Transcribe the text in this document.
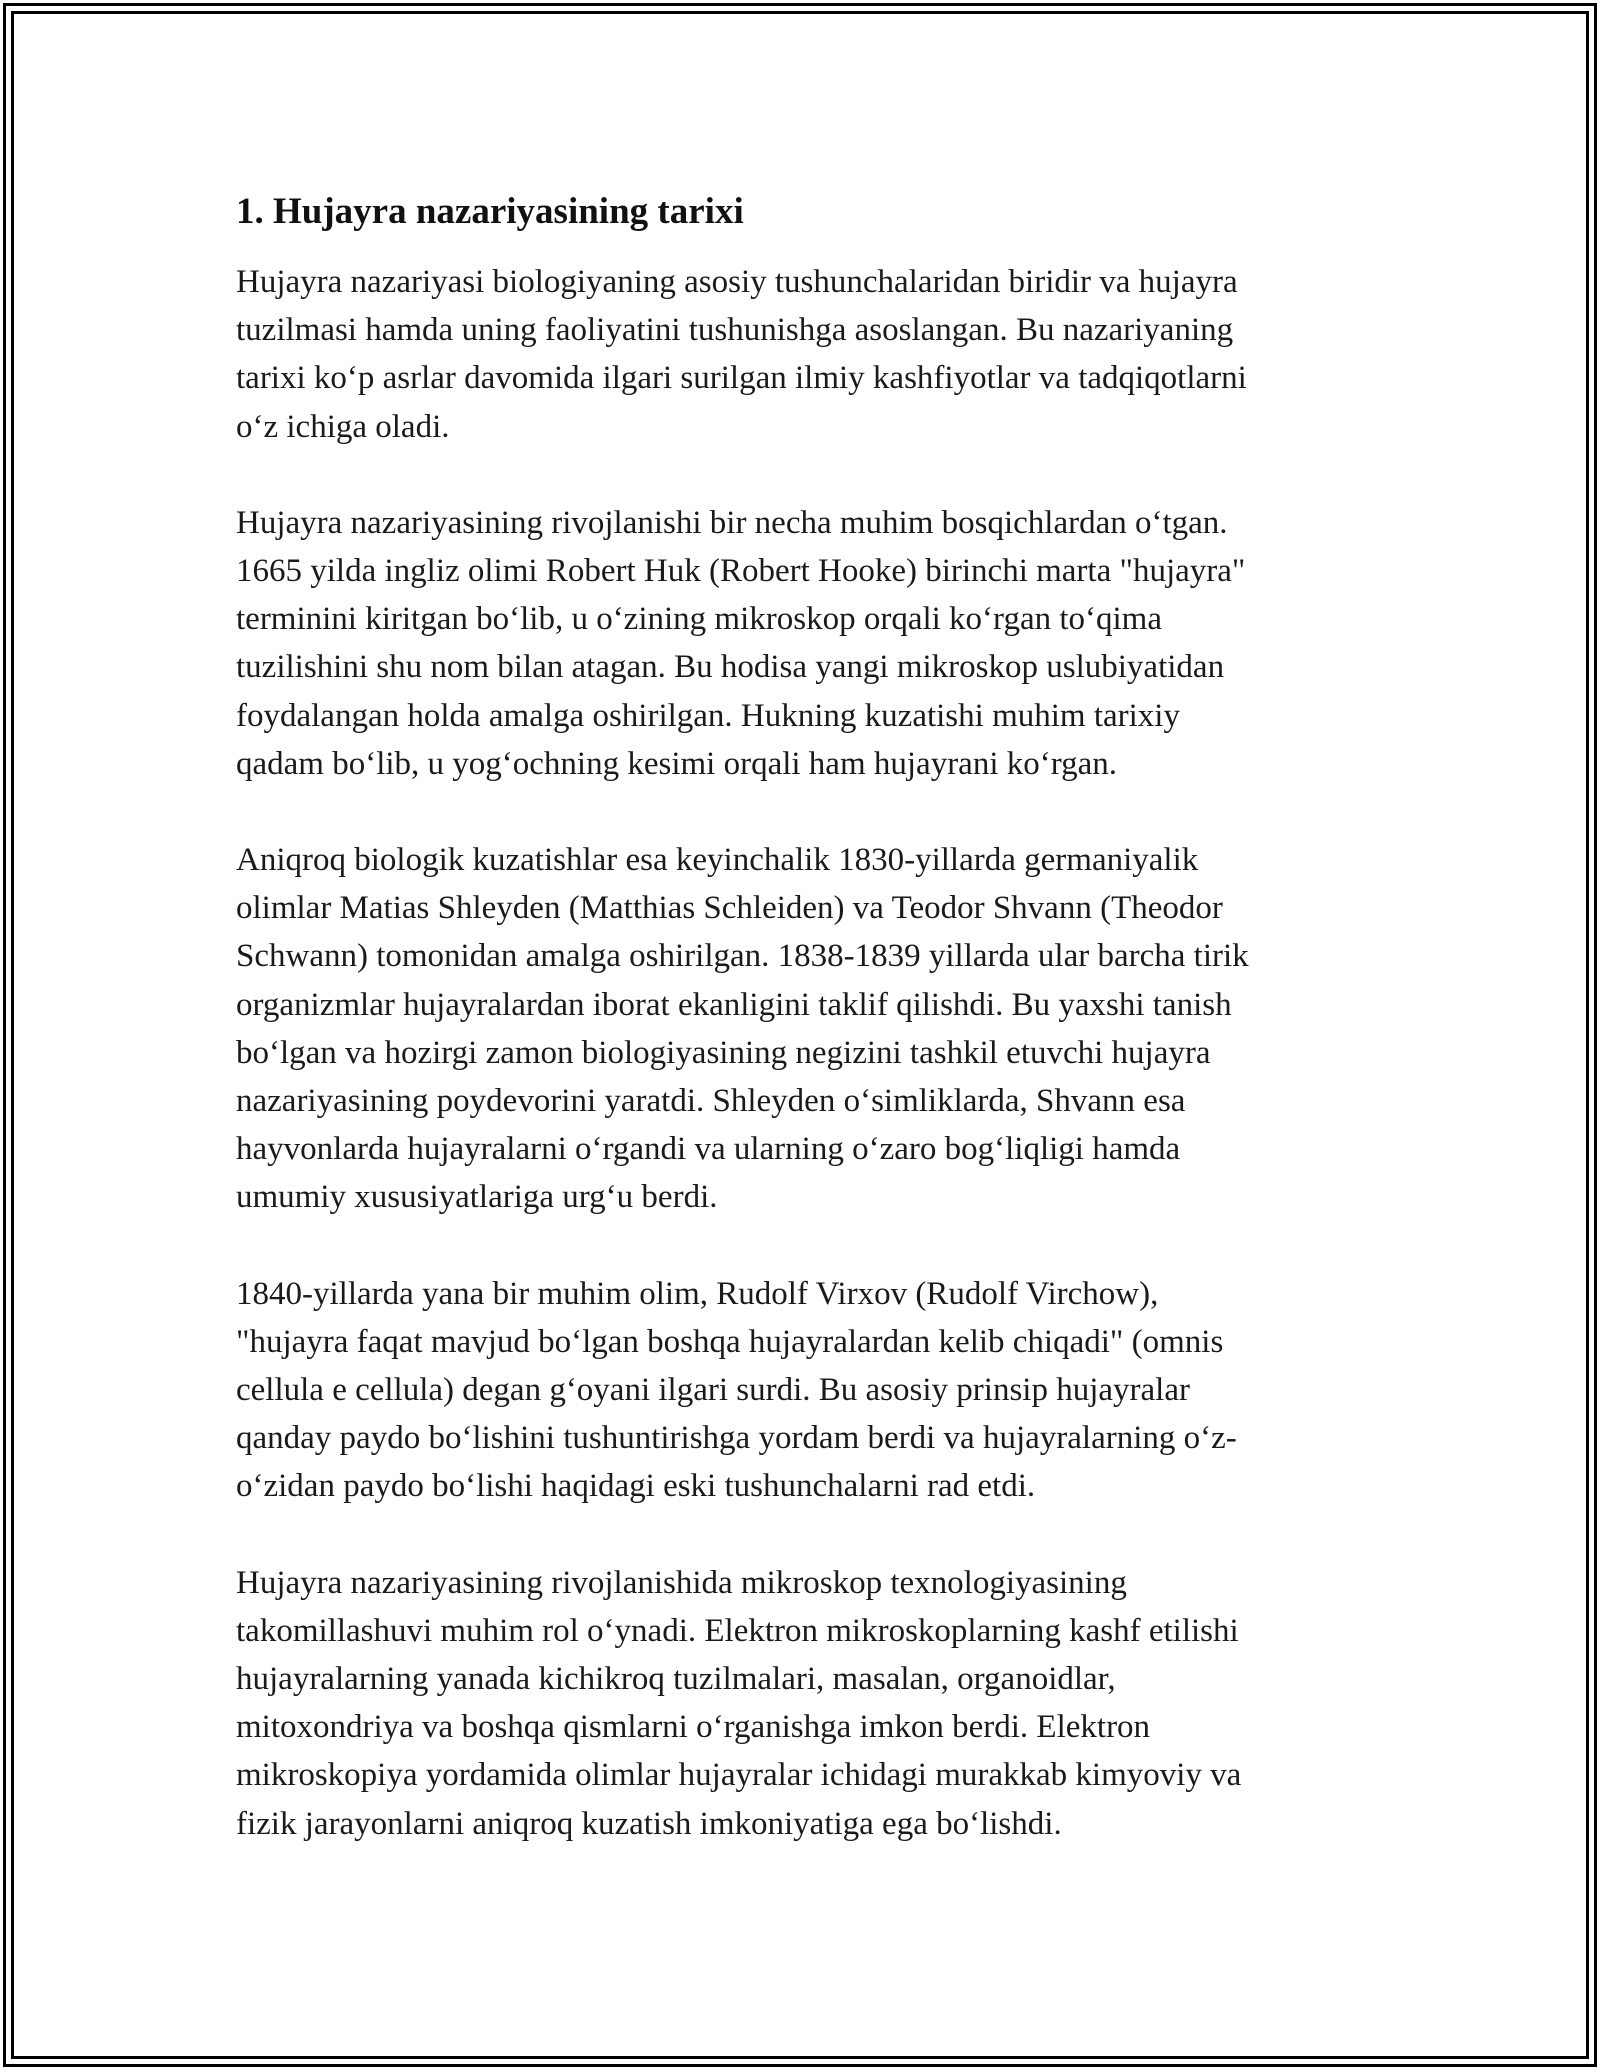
1. Hujayra nazariyasining tarixi

Hujayra nazariyasi biologiyaning asosiy tushunchalaridan biridir va hujayra
tuzilmasi hamda uning faoliyatini tushunishga asoslangan. Bu nazariyaning
tarixi ko‘p asrlar davomida ilgari surilgan ilmiy kashfiyotlar va tadqiqotlarni
o‘z ichiga oladi.

Hujayra nazariyasining rivojlanishi bir necha muhim bosqichlardan o‘tgan.
1665 yilda ingliz olimi Robert Huk (Robert Hooke) birinchi marta "hujayra"
terminini kiritgan bo‘lib, u o‘zining mikroskop orqali ko‘rgan to‘qima
tuzilishini shu nom bilan atagan. Bu hodisa yangi mikroskop uslubiyatidan
foydalangan holda amalga oshirilgan. Hukning kuzatishi muhim tarixiy
qadam bo‘lib, u yog‘ochning kesimi orqali ham hujayrani ko‘rgan.

Aniqroq biologik kuzatishlar esa keyinchalik 1830-yillarda germaniyalik
olimlar Matias Shleyden (Matthias Schleiden) va Teodor Shvann (Theodor
Schwann) tomonidan amalga oshirilgan. 1838-1839 yillarda ular barcha tirik
organizmlar hujayralardan iborat ekanligini taklif qilishdi. Bu yaxshi tanish
bo‘lgan va hozirgi zamon biologiyasining negizini tashkil etuvchi hujayra
nazariyasining poydevorini yaratdi. Shleyden o‘simliklarda, Shvann esa
hayvonlarda hujayralarni o‘rgandi va ularning o‘zaro bog‘liqligi hamda
umumiy xususiyatlariga urg‘u berdi.

1840-yillarda yana bir muhim olim, Rudolf Virxov (Rudolf Virchow),
"hujayra faqat mavjud bo‘lgan boshqa hujayralardan kelib chiqadi" (omnis
cellula e cellula) degan g‘oyani ilgari surdi. Bu asosiy prinsip hujayralar
qanday paydo bo‘lishini tushuntirishga yordam berdi va hujayralarning o‘z-
o‘zidan paydo bo‘lishi haqidagi eski tushunchalarni rad etdi.

Hujayra nazariyasining rivojlanishida mikroskop texnologiyasining
takomillashuvi muhim rol o‘ynadi. Elektron mikroskoplarning kashf etilishi
hujayralarning yanada kichikroq tuzilmalari, masalan, organoidlar,
mitoxondriya va boshqa qismlarni o‘rganishga imkon berdi. Elektron
mikroskopiya yordamida olimlar hujayralar ichidagi murakkab kimyoviy va
fizik jarayonlarni aniqroq kuzatish imkoniyatiga ega bo‘lishdi.
